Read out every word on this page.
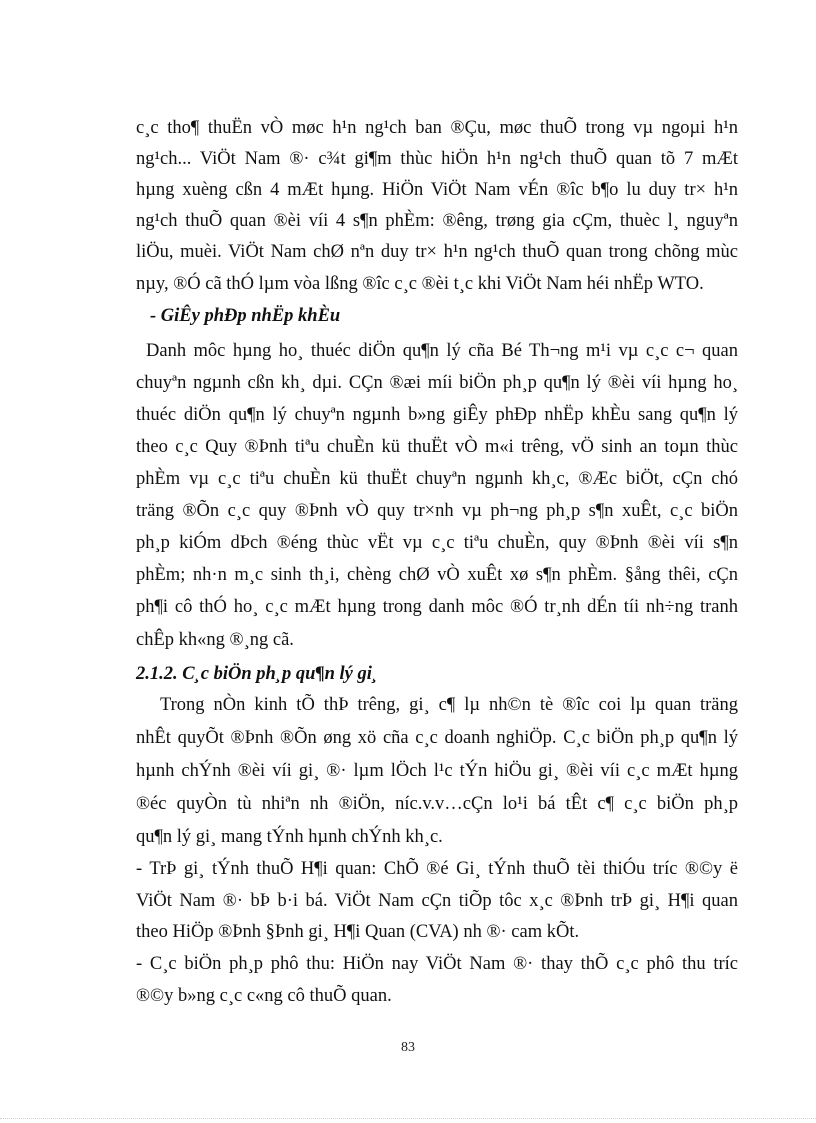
c¸c tho¶ thuËn vÒ møc h¹n ng¹ch ban ®Çu, møc thuÕ trong vµ ngoµi h¹n
ng¹ch... ViÖt Nam ®· c¾t gi¶m thùc hiÖn h¹n ng¹ch thuÕ quan tõ 7 mÆt
hµng xuèng cßn 4 mÆt hµng. HiÖn ViÖt Nam vÉn ®îc b¶o lu duy tr× h¹n
ng¹ch thuÕ quan ®èi víi 4 s¶n phÈm: ®êng, trøng gia cÇm, thuèc l¸ nguyªn
liÖu, muèi. ViÖt Nam chØ nªn duy tr× h¹n ng¹ch thuÕ quan trong chõng mùc
nµy, ®Ó cã thÓ lµm vòa lßng ®îc c¸c ®èi t¸c khi ViÖt Nam héi nhËp WTO.
- GiÊy phÐp nhËp khÈu
Danh môc hµng ho¸ thuéc diÖn qu¶n lý cña Bé Th¬ng m¹i vµ c¸c c¬ quan
chuyªn ngµnh cßn kh¸ dµi. CÇn ®æi míi biÖn ph¸p qu¶n lý ®èi víi hµng ho¸
thuéc diÖn qu¶n lý chuyªn ngµnh b»ng giÊy phÐp nhËp khÈu sang qu¶n lý
theo c¸c Quy ®Þnh tiªu chuÈn kü thuËt vÒ m«i trêng, vÖ sinh an toµn thùc
phÈm vµ c¸c tiªu chuÈn kü thuËt chuyªn ngµnh kh¸c, ®Æc biÖt, cÇn chó
träng ®Õn c¸c quy ®Þnh vÒ quy tr×nh vµ ph¬ng ph¸p s¶n xuÊt, c¸c biÖn
ph¸p kiÓm dÞch ®éng thùc vËt vµ c¸c tiªu chuÈn, quy ®Þnh ®èi víi s¶n
phÈm; nh·n m¸c sinh th¸i, chèng chØ vÒ xuÊt xø s¶n phÈm. §ång thêi, cÇn
ph¶i cô thÓ ho¸ c¸c mÆt hµng trong danh môc ®Ó tr¸nh dÉn tíi nh÷ng tranh
chÊp kh«ng ®¸ng cã.
2.1.2. C¸c biÖn ph¸p qu¶n lý gi¸
Trong nÒn kinh tÕ thÞ trêng, gi¸ c¶ lµ nh©n tè ®îc coi lµ quan träng
nhÊt quyÕt ®Þnh ®Õn øng xö cña c¸c doanh nghiÖp. C¸c biÖn ph¸p qu¶n lý
hµnh chÝnh ®èi víi gi¸ ®· lµm lÖch l¹c tÝn hiÖu gi¸ ®èi víi c¸c mÆt hµng
®éc quyÒn tù nhiªn nh ®iÖn, níc.v.v…cÇn lo¹i bá tÊt c¶ c¸c biÖn ph¸p
qu¶n lý gi¸ mang tÝnh hµnh chÝnh kh¸c.
- TrÞ gi¸ tÝnh thuÕ H¶i quan: ChÕ ®é Gi¸ tÝnh thuÕ tèi thiÓu tríc ®©y ë
ViÖt Nam ®· bÞ b·i bá. ViÖt Nam cÇn tiÕp tôc x¸c ®Þnh trÞ gi¸ H¶i quan
theo HiÖp ®Þnh §Þnh gi¸ H¶i Quan (CVA) nh ®· cam kÕt.
- C¸c biÖn ph¸p phô thu: HiÖn nay ViÖt Nam ®· thay thÕ c¸c phô thu tríc
®©y b»ng c¸c c«ng cô thuÕ quan.
83
